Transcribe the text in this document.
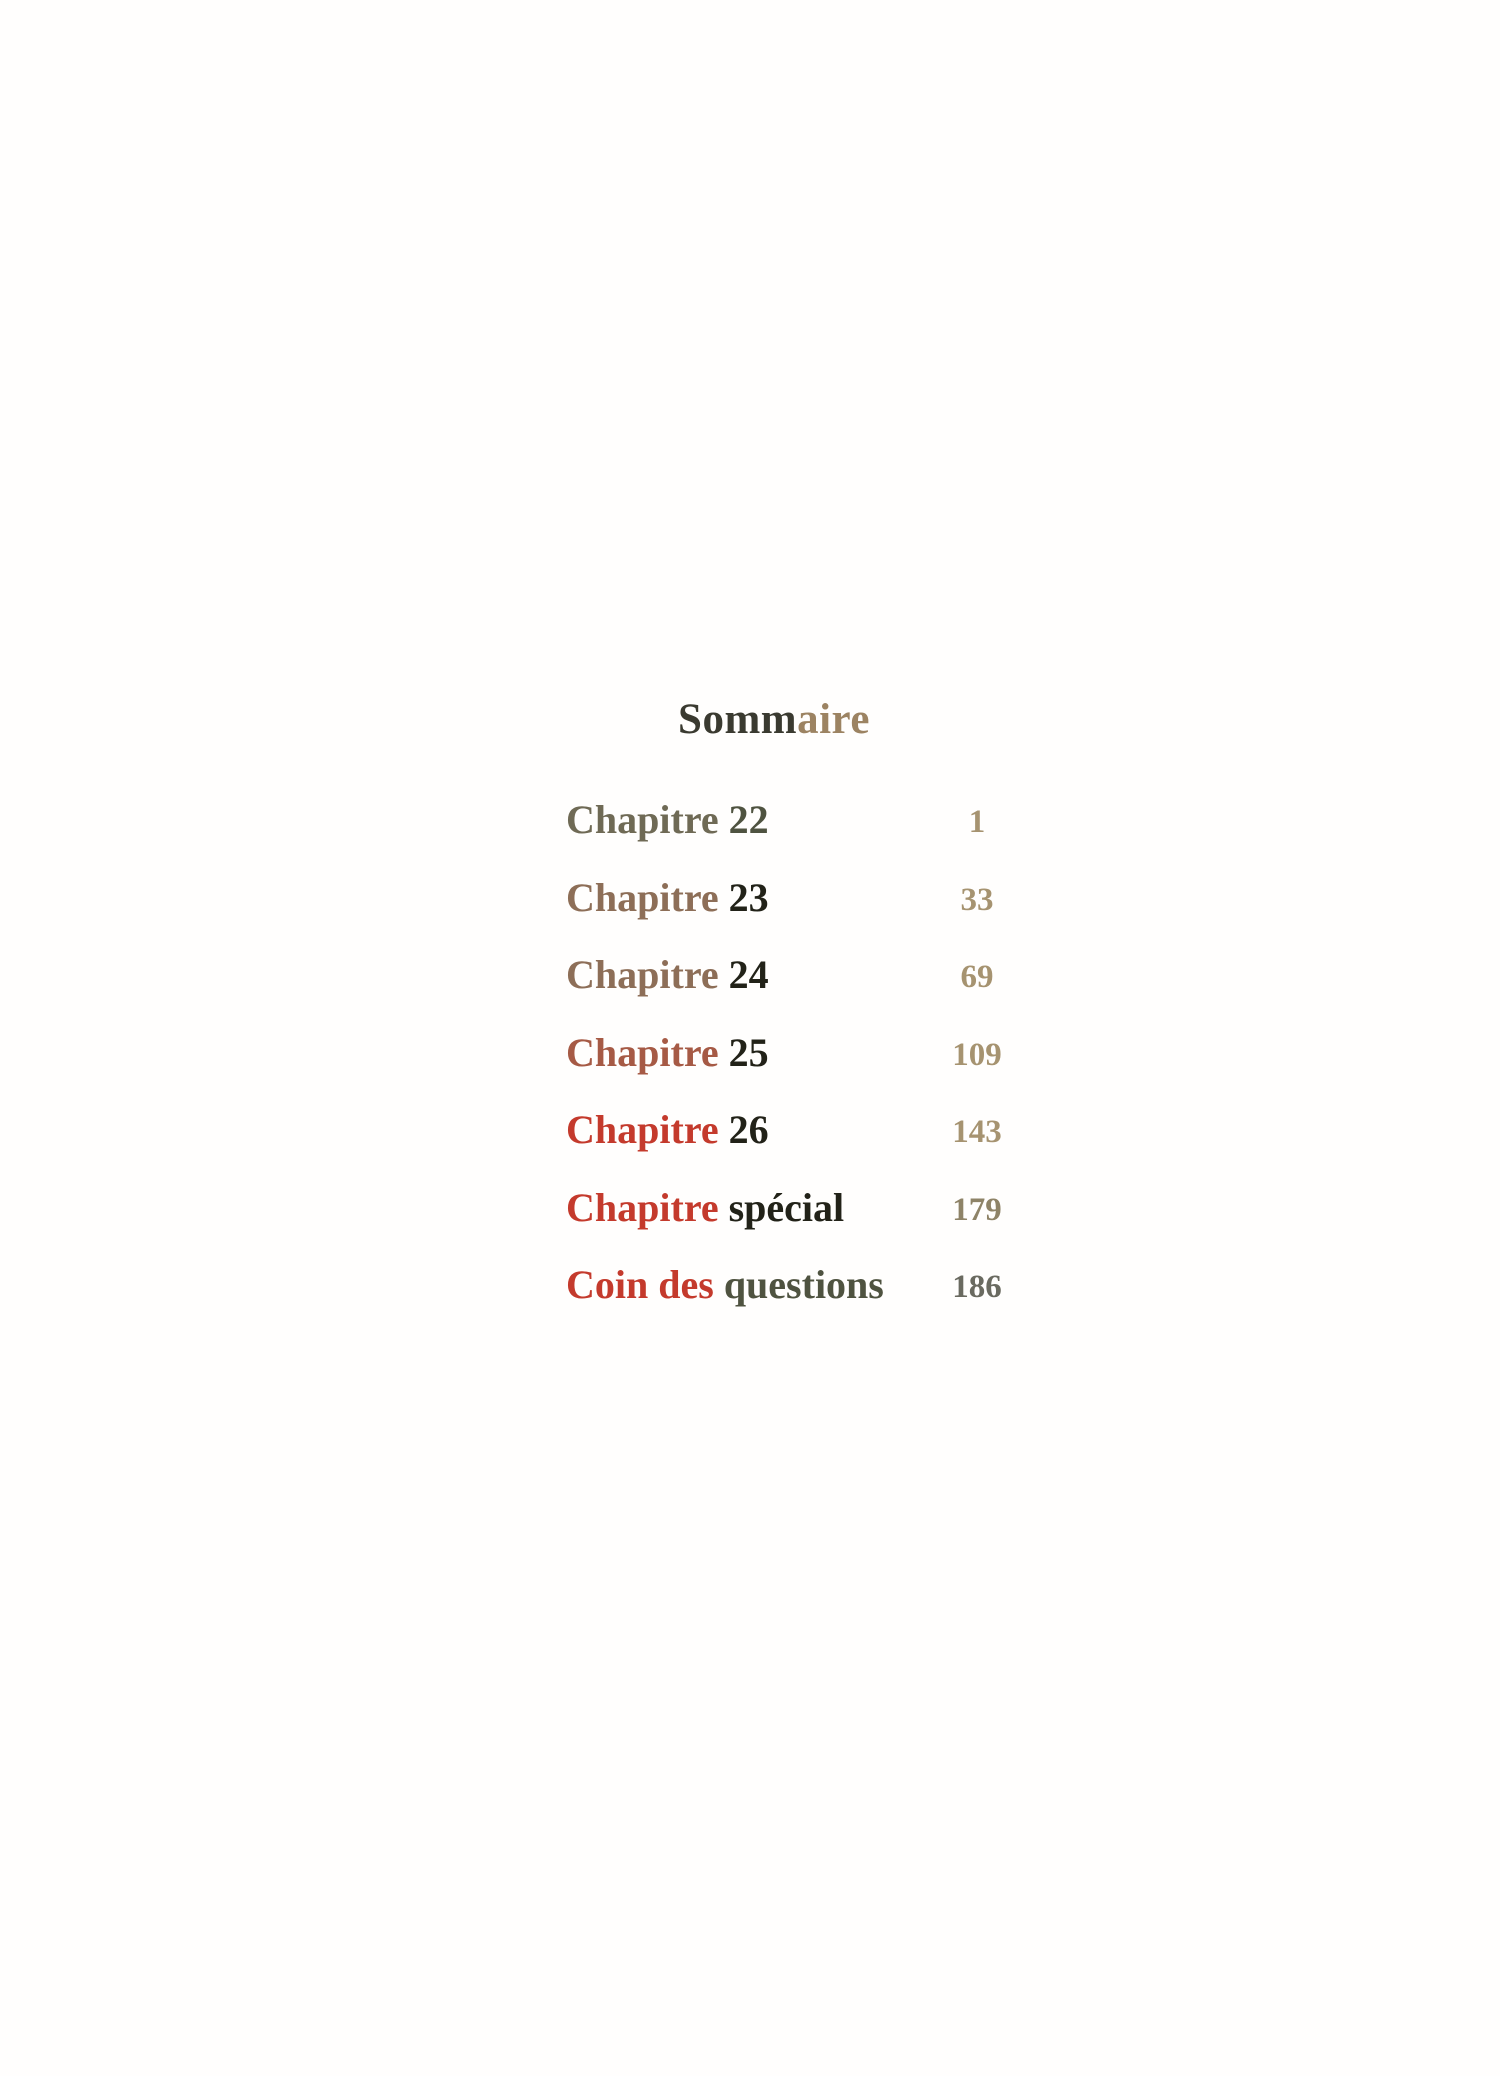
Sommaire
Chapitre 22	1
Chapitre 23	33
Chapitre 24	69
Chapitre 25	109
Chapitre 26	143
Chapitre spécial	179
Coin des questions	186
